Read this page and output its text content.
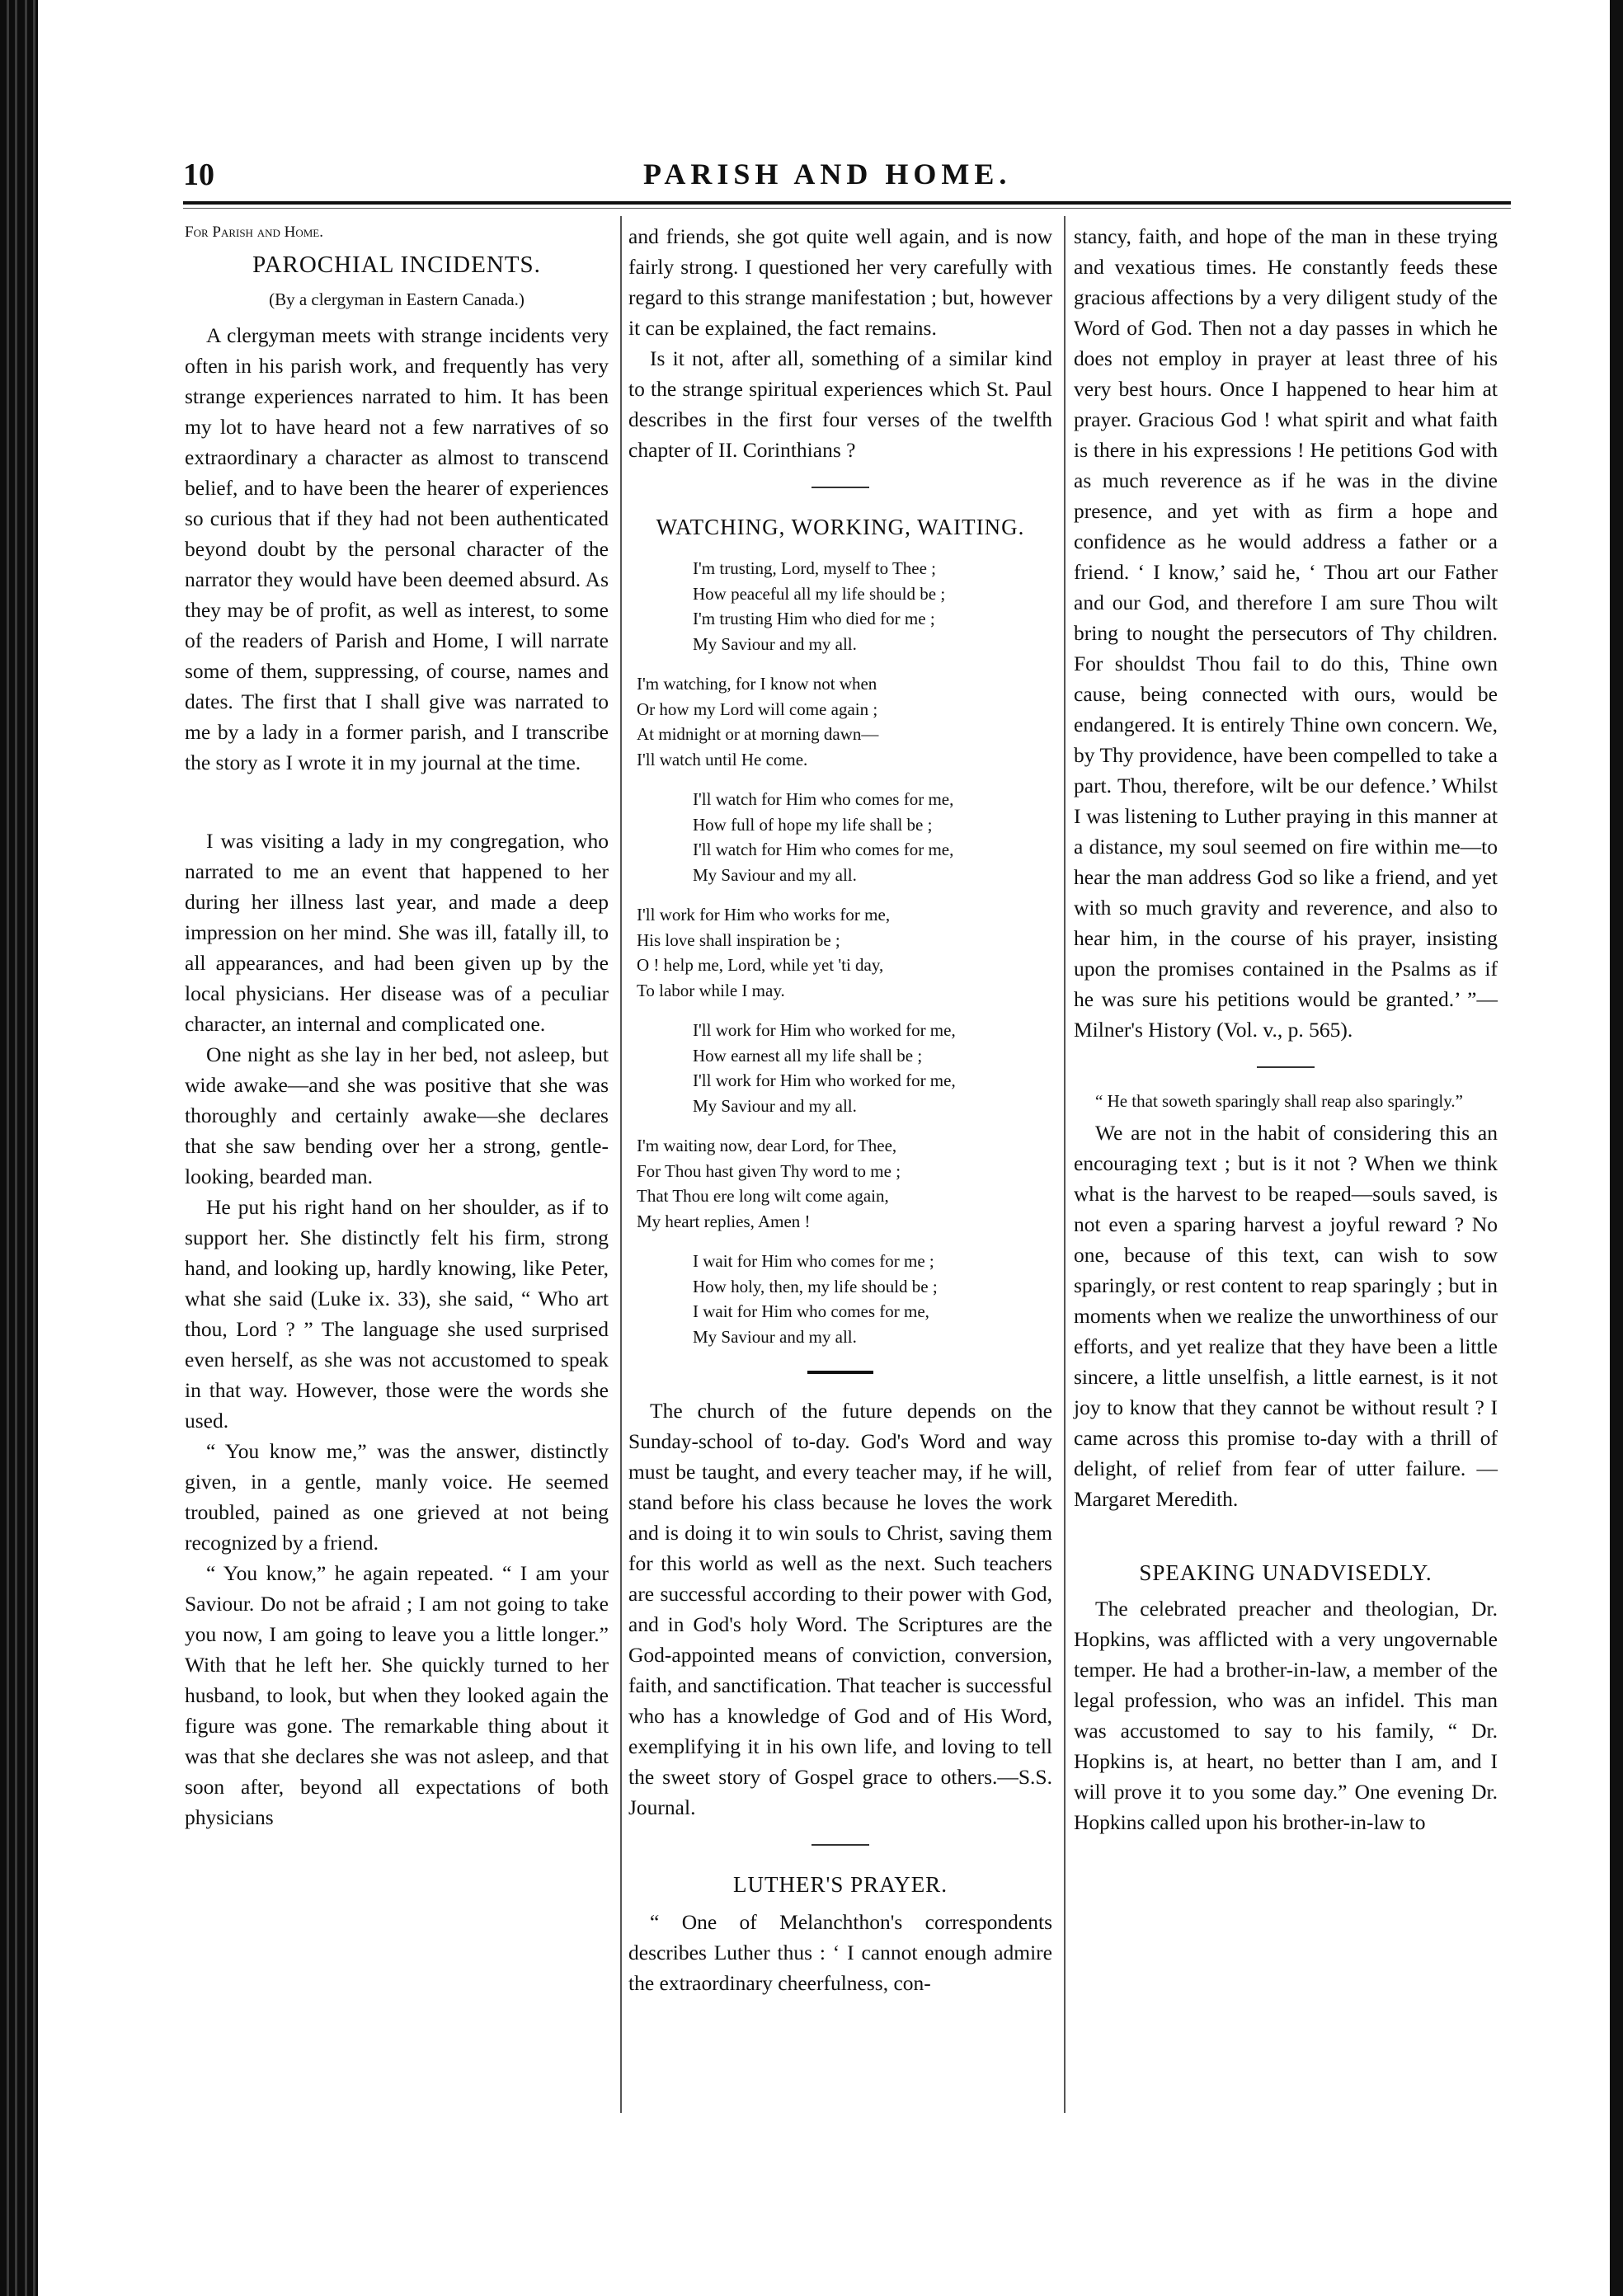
10	PARISH AND HOME.

For Parish and Home.

PAROCHIAL INCIDENTS.
(By a clergyman in Eastern Canada.)

A clergyman meets with strange incidents very often in his parish work, and frequently has very strange experiences narrated to him. It has been my lot to have heard not a few narratives of so extraordinary a character as almost to transcend belief, and to have been the hearer of experiences so curious that if they had not been authenticated beyond doubt by the personal character of the narrator they would have been deemed absurd. As they may be of profit, as well as interest, to some of the readers of Parish and Home, I will narrate some of them, suppressing, of course, names and dates. The first that I shall give was narrated to me by a lady in a former parish, and I transcribe the story as I wrote it in my journal at the time.

I was visiting a lady in my congregation, who narrated to me an event that happened to her during her illness last year, and made a deep impression on her mind. She was ill, fatally ill, to all appearances, and had been given up by the local physicians. Her disease was of a peculiar character, an internal and complicated one.

One night as she lay in her bed, not asleep, but wide awake—and she was positive that she was thoroughly and certainly awake—she declares that she saw bending over her a strong, gentle-looking, bearded man.

He put his right hand on her shoulder, as if to support her. She distinctly felt his firm, strong hand, and looking up, hardly knowing, like Peter, what she said (Luke ix. 33), she said, “ Who art thou, Lord ? ” The language she used surprised even herself, as she was not accustomed to speak in that way. However, those were the words she used.

“ You know me,” was the answer, distinctly given, in a gentle, manly voice. He seemed troubled, pained as one grieved at not being recognized by a friend.

“ You know,” he again repeated. “ I am your Saviour. Do not be afraid ; I am not going to take you now, I am going to leave you a little longer.” With that he left her. She quickly turned to her husband, to look, but when they looked again the figure was gone. The remarkable thing about it was that she declares she was not asleep, and that soon after, beyond all expectations of both physicians

and friends, she got quite well again, and is now fairly strong. I questioned her very carefully with regard to this strange manifestation ; but, however it can be explained, the fact remains.

Is it not, after all, something of a similar kind to the strange spiritual experiences which St. Paul describes in the first four verses of the twelfth chapter of II. Corinthians ?

WATCHING, WORKING, WAITING.
I'm trusting, Lord, myself to Thee ;
How peaceful all my life should be ;
I'm trusting Him who died for me ;
My Saviour and my all.
I'm watching, for I know not when
Or how my Lord will come again ;
At midnight or at morning dawn—
I'll watch until He come.
I'll watch for Him who comes for me,
How full of hope my life shall be ;
I'll watch for Him who comes for me,
My Saviour and my all.
I'll work for Him who works for me,
His love shall inspiration be ;
O ! help me, Lord, while yet 'ti day,
To labor while I may.
I'll work for Him who worked for me,
How earnest all my life shall be ;
I'll work for Him who worked for me,
My Saviour and my all.
I'm waiting now, dear Lord, for Thee,
For Thou hast given Thy word to me ;
That Thou ere long wilt come again,
My heart replies, Amen !
I wait for Him who comes for me ;
How holy, then, my life should be ;
I wait for Him who comes for me,
My Saviour and my all.

The church of the future depends on the Sunday-school of to-day. God's Word and way must be taught, and every teacher may, if he will, stand before his class because he loves the work and is doing it to win souls to Christ, saving them for this world as well as the next. Such teachers are successful according to their power with God, and in God's holy Word. The Scriptures are the God-appointed means of conviction, conversion, faith, and sanctification. That teacher is successful who has a knowledge of God and of His Word, exemplifying it in his own life, and loving to tell the sweet story of Gospel grace to others.—S.S. Journal.

LUTHER'S PRAYER.

“ One of Melanchthon's correspondents describes Luther thus : ‘ I cannot enough admire the extraordinary cheerfulness, con-

stancy, faith, and hope of the man in these trying and vexatious times. He constantly feeds these gracious affections by a very diligent study of the Word of God. Then not a day passes in which he does not employ in prayer at least three of his very best hours. Once I happened to hear him at prayer. Gracious God ! what spirit and what faith is there in his expressions ! He petitions God with as much reverence as if he was in the divine presence, and yet with as firm a hope and confidence as he would address a father or a friend. ‘ I know,’ said he, ‘ Thou art our Father and our God, and therefore I am sure Thou wilt bring to nought the persecutors of Thy children. For shouldst Thou fail to do this, Thine own cause, being connected with ours, would be endangered. It is entirely Thine own concern. We, by Thy providence, have been compelled to take a part. Thou, therefore, wilt be our defence.’ Whilst I was listening to Luther praying in this manner at a distance, my soul seemed on fire within me—to hear the man address God so like a friend, and yet with so much gravity and reverence, and also to hear him, in the course of his prayer, insisting upon the promises contained in the Psalms as if he was sure his petitions would be granted.’ ”—Milner's History (Vol. v., p. 565).

“ He that soweth sparingly shall reap also sparingly.”

We are not in the habit of considering this an encouraging text ; but is it not ? When we think what is the harvest to be reaped—souls saved, is not even a sparing harvest a joyful reward ? No one, because of this text, can wish to sow sparingly, or rest content to reap sparingly ; but in moments when we realize the unworthiness of our efforts, and yet realize that they have been a little sincere, a little unselfish, a little earnest, is it not joy to know that they cannot be without result ? I came across this promise to-day with a thrill of delight, of relief from fear of utter failure. —Margaret Meredith.

SPEAKING UNADVISEDLY.

The celebrated preacher and theologian, Dr. Hopkins, was afflicted with a very ungovernable temper. He had a brother-in-law, a member of the legal profession, who was an infidel. This man was accustomed to say to his family, “ Dr. Hopkins is, at heart, no better than I am, and I will prove it to you some day.” One evening Dr. Hopkins called upon his brother-in-law to
